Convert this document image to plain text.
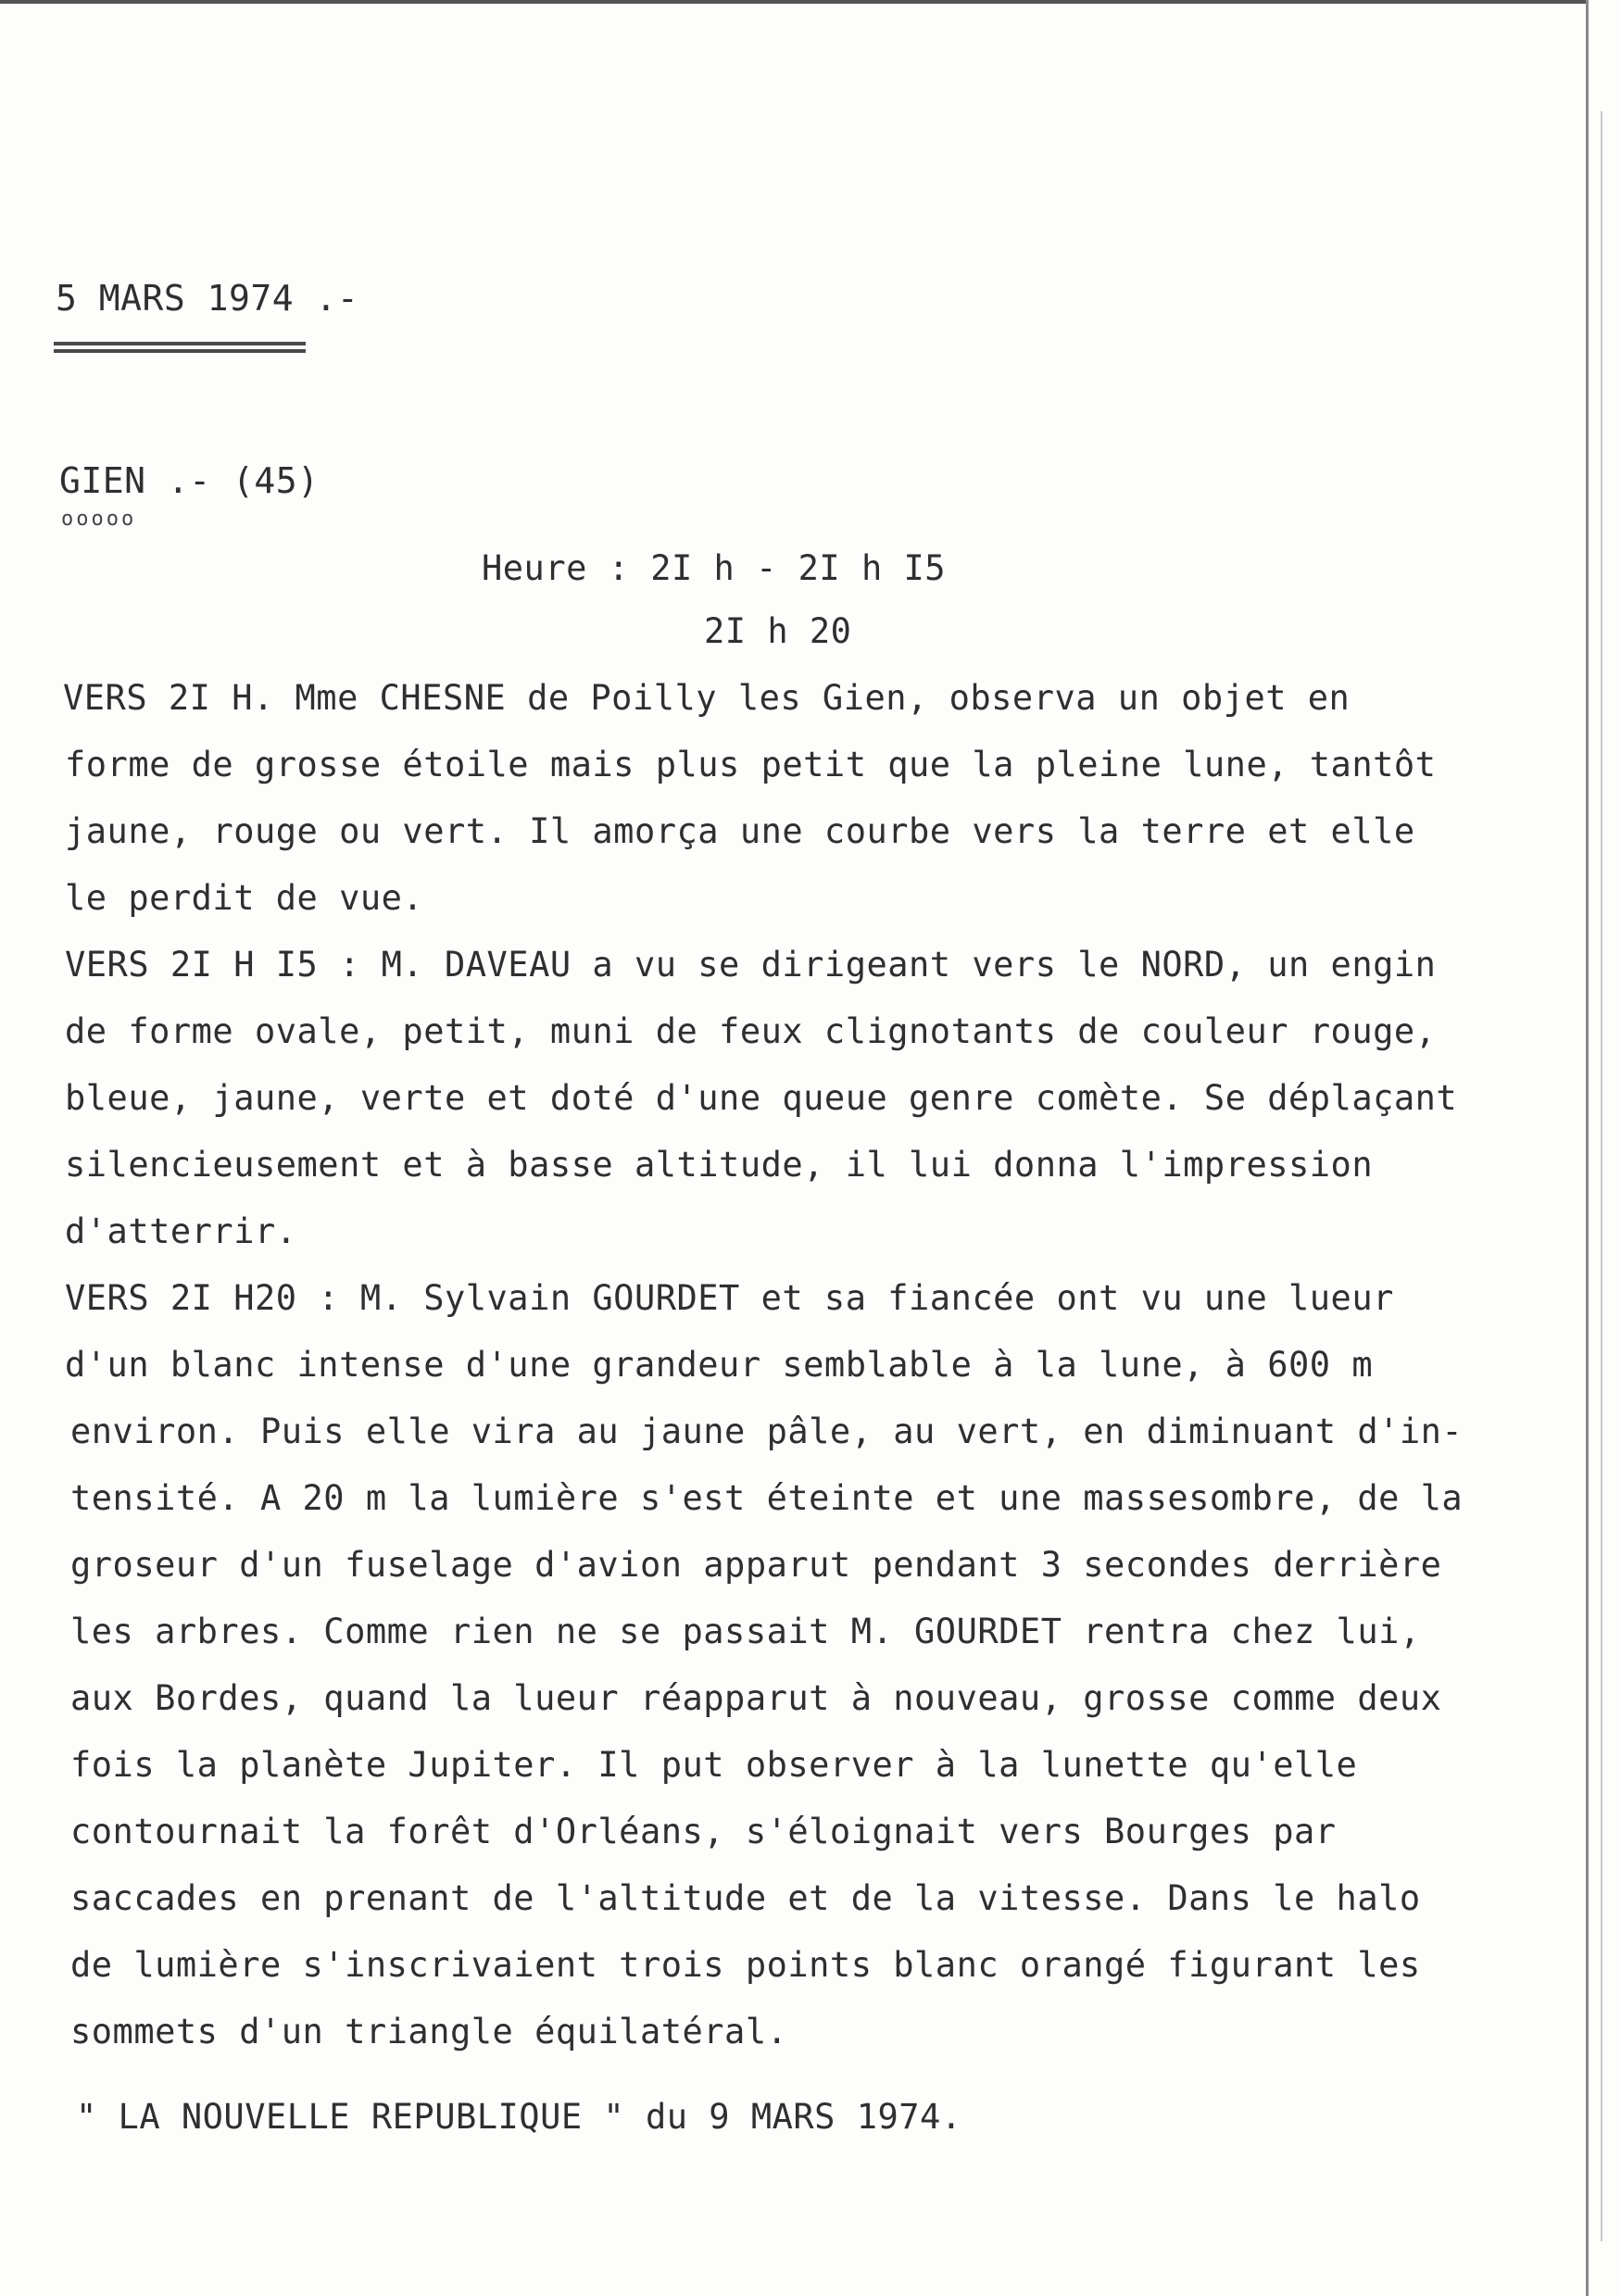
5 MARS 1974 .-
GIEN .- (45)
ooooo
Heure : 2I h - 2I h I5
2I h 20
VERS 2I H. Mme CHESNE de Poilly les Gien, observa un objet en
forme de grosse étoile mais plus petit que la pleine lune, tantôt
jaune, rouge ou vert. Il amorça une courbe vers la terre et elle
le perdit de vue.
VERS 2I H I5 : M. DAVEAU a vu se dirigeant vers le NORD, un engin
de forme ovale, petit, muni de feux clignotants de couleur rouge,
bleue, jaune, verte et doté d'une queue genre comète. Se déplaçant
silencieusement et à basse altitude, il lui donna l'impression
d'atterrir.
VERS 2I H20 : M. Sylvain GOURDET et sa fiancée ont vu une lueur
d'un blanc intense d'une grandeur semblable à la lune, à 600 m
environ. Puis elle vira au jaune pâle, au vert, en diminuant d'in-
tensité. A 20 m la lumière s'est éteinte et une massesombre, de la
groseur d'un fuselage d'avion apparut pendant 3 secondes derrière
les arbres. Comme rien ne se passait M. GOURDET rentra chez lui,
aux Bordes, quand la lueur réapparut à nouveau, grosse comme deux
fois la planète Jupiter. Il put observer à la lunette qu'elle
contournait la forêt d'Orléans, s'éloignait vers Bourges par
saccades en prenant de l'altitude et de la vitesse. Dans le halo
de lumière s'inscrivaient trois points blanc orangé figurant les
sommets d'un triangle équilatéral.
" LA NOUVELLE REPUBLIQUE " du 9 MARS 1974.
